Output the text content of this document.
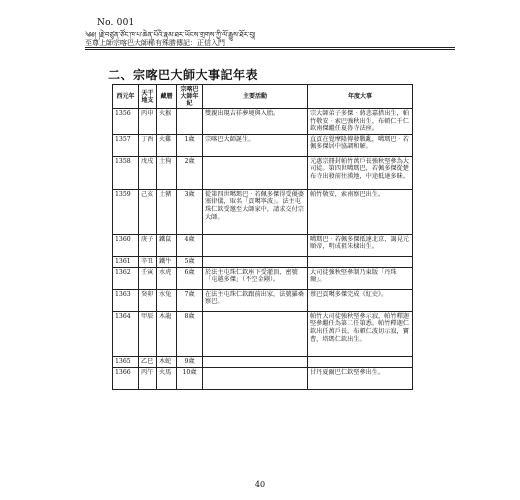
No. 001
༄༅། །རྗེ་བཙུན་ཙོང་ཁ་པ་ཆེན་པོའི་རྣམ་ཐར་ཡོངས་གྲགས་ཀྱི་ལོ་རྒྱུས་ཐོར་བུ།
至尊上師宗喀巴大師稀有殊勝傳記：正信入門
二、宗喀巴大師大事記年表
西元年	天干地支	藏曆	宗喀巴大師年紀	主要活動	年度大事
1356	丙申	火猴		雙親出現吉祥夢境與入胎。	宗大師弟子多傑‧蔣悲嘉措出生，帕竹敬安‧索巴強秋出生，布頓仁千仁欽南傑繼任夏魯寺法座。
1357	丁酉	火雞	1歲	宗喀巴大師誕生。	直貢在覺摩隆傳發戰亂，噶瑪巴‧若佩多傑居中協調和解。
1358	戊戌	土狗	2歲		元惠宗冊封帕竹萬戶長強秋堅參為大司徒。第四世噶瑪巴，若佩多傑從楚布寺出發前往漢地，中途抵達多昧。
1359	己亥	土豬	3歲	從第四世噶瑪巴‧若佩多傑得受優婆塞律儀，取名「貢噶寧波」。法主屯珠仁欽受邀至大師家中，請求交付宗大師。	帕竹敬安，索南察巴出生。
1360	庚子	鐵鼠	4歲		噶瑪巴‧若佩多傑抵達北京，謁見元順帝，明成祖朱棣出生。
1361	辛丑	鐵牛	5歲		
1362	壬寅	水虎	6歲	於法主屯珠仁欽座下受灌頂，密號「屯越多傑」（不空金剛）。	大司徒強秋堅參制乃東版「丹珠爾」。
1363	癸卯	水兔	7歲	在法主屯珠仁欽跟前出家，法號羅桑察巴。	蔡巴貢噶多傑完成《紅史》。
1364	甲辰	木龍	8歲		帕竹大司徒強秋堅參示寂，帕竹釋迦堅參繼任為第二任第悉。帕竹釋迦仁欽出任萬戶長。布頓仁波切示寂，寶曹，塔瑪仁欽出生。
1365	乙巳	木蛇	9歲		
1366	丙午	火馬	10歲		甘丹夏爾巴仁欽堅參出生。
40
